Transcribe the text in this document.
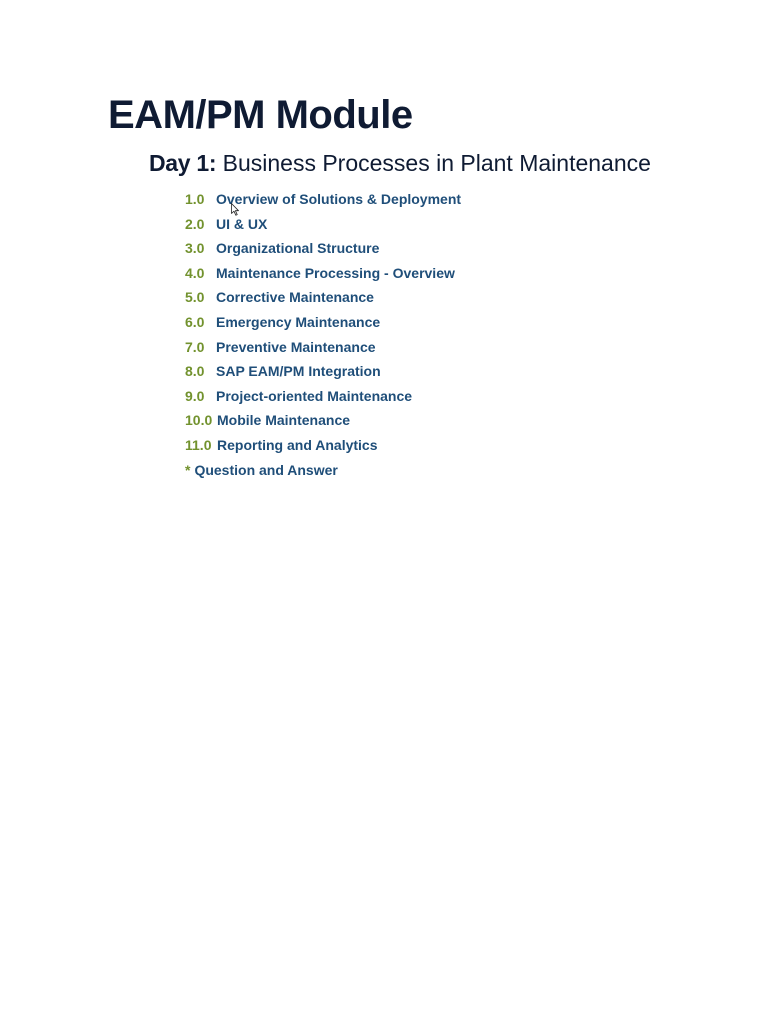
EAM/PM Module
Day 1: Business Processes in Plant Maintenance
1.0 Overview of Solutions & Deployment
2.0 UI & UX
3.0 Organizational Structure
4.0 Maintenance Processing - Overview
5.0 Corrective Maintenance
6.0 Emergency Maintenance
7.0 Preventive Maintenance
8.0 SAP EAM/PM Integration
9.0 Project-oriented Maintenance
10.0 Mobile Maintenance
11.0 Reporting and Analytics
* Question and Answer
